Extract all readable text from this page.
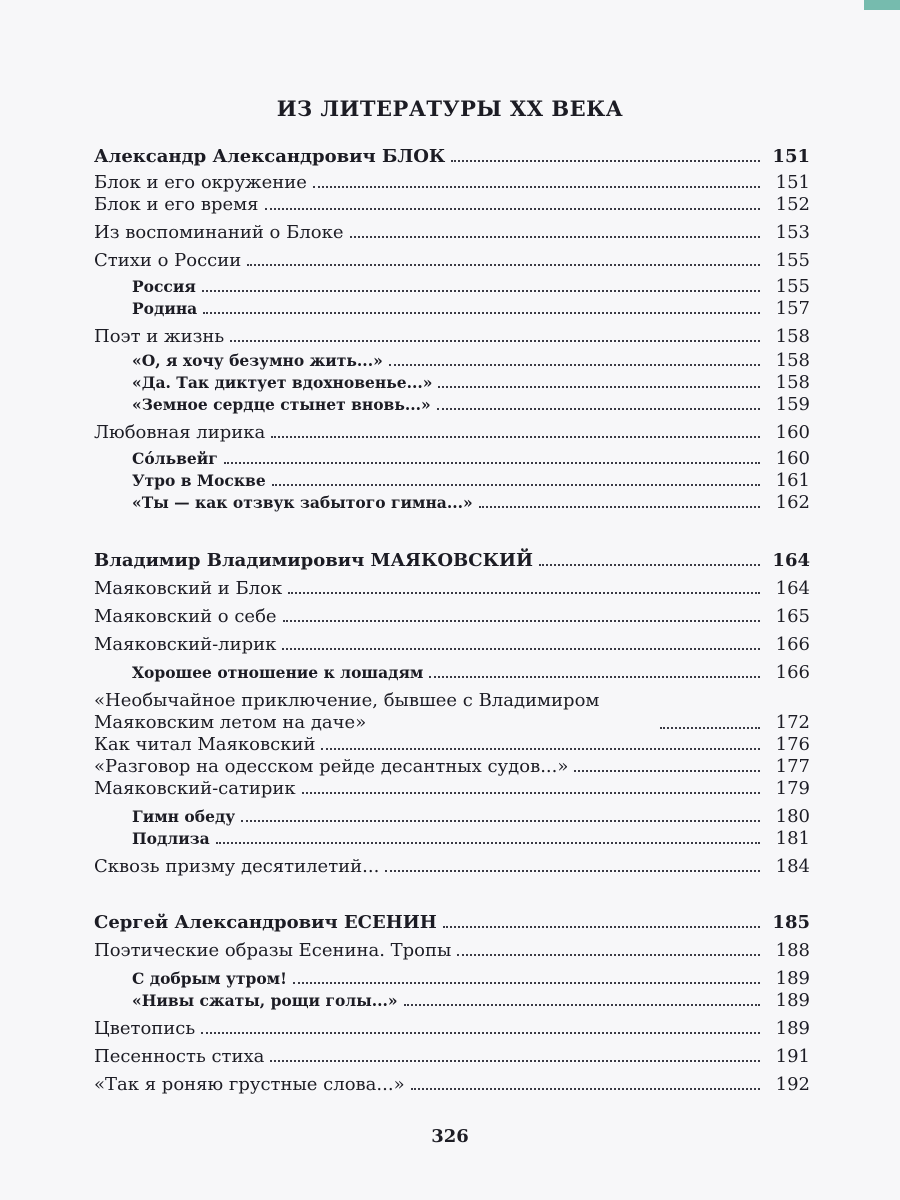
ИЗ ЛИТЕРАТУРЫ XX ВЕКА
Александр Александрович БЛОК	151
Блок и его окружение	151
Блок и его время	152
Из воспоминаний о Блоке	153
Стихи о России	155
Россия	155
Родина	157
Поэт и жизнь	158
«О, я хочу безумно жить...»	158
«Да. Так диктует вдохновенье...»	158
«Земное сердце стынет вновь...»	159
Любовная лирика	160
Со́львейг	160
Утро в Москве	161
«Ты — как отзвук забытого гимна...»	162
Владимир Владимирович МАЯКОВСКИЙ	164
Маяковский и Блок	164
Маяковский о себе	165
Маяковский-лирик	166
Хорошее отношение к лошадям	166
«Необычайное приключение, бывшее с Владимиром Маяковским летом на даче»	172
Как читал Маяковский	176
«Разговор на одесском рейде десантных судов...»	177
Маяковский-сатирик	179
Гимн обеду	180
Подлиза	181
Сквозь призму десятилетий...	184
Сергей Александрович ЕСЕНИН	185
Поэтические образы Есенина. Тропы	188
С добрым утром!	189
«Нивы сжаты, рощи голы...»	189
Цветопись	189
Песенность стиха	191
«Так я роняю грустные слова...»	192
326
